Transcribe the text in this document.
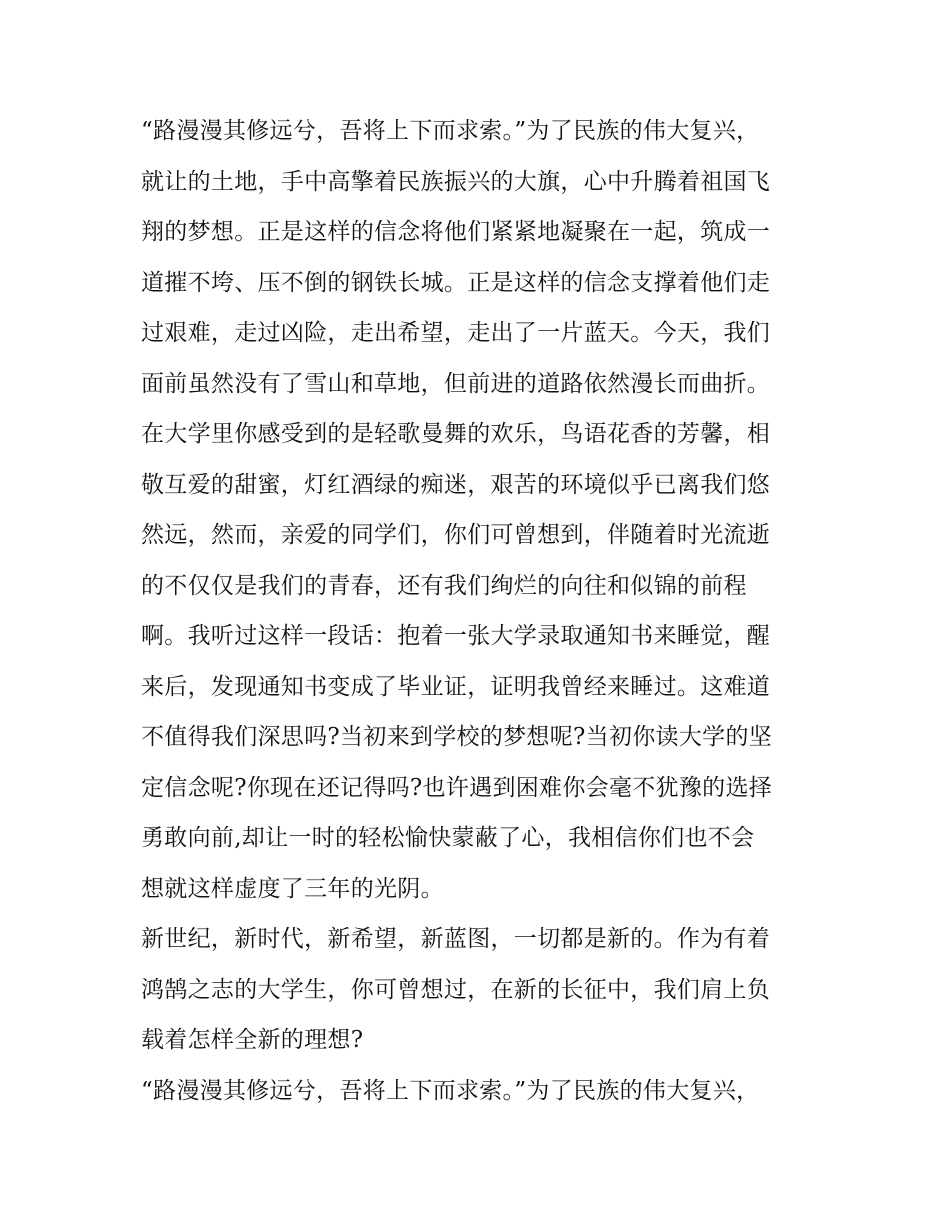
“路漫漫其修远兮，吾将上下而求索。”为了民族的伟大复兴，
就让的土地，手中高擎着民族振兴的大旗，心中升腾着祖国飞
翔的梦想。正是这样的信念将他们紧紧地凝聚在一起，筑成一
道摧不垮、压不倒的钢铁长城。正是这样的信念支撑着他们走
过艰难，走过凶险，走出希望，走出了一片蓝天。今天，我们
面前虽然没有了雪山和草地，但前进的道路依然漫长而曲折。
在大学里你感受到的是轻歌曼舞的欢乐，鸟语花香的芳馨，相
敬互爱的甜蜜，灯红酒绿的痴迷，艰苦的环境似乎已离我们悠
然远，然而，亲爱的同学们，你们可曾想到，伴随着时光流逝
的不仅仅是我们的青春，还有我们绚烂的向往和似锦的前程
啊。我听过这样一段话：抱着一张大学录取通知书来睡觉，醒
来后，发现通知书变成了毕业证，证明我曾经来睡过。这难道
不值得我们深思吗?当初来到学校的梦想呢?当初你读大学的坚
定信念呢?你现在还记得吗?也许遇到困难你会毫不犹豫的选择
勇敢向前,却让一时的轻松愉快蒙蔽了心，我相信你们也不会
想就这样虚度了三年的光阴。
新世纪，新时代，新希望，新蓝图，一切都是新的。作为有着
鸿鹄之志的大学生，你可曾想过，在新的长征中，我们肩上负
载着怎样全新的理想?
“路漫漫其修远兮，吾将上下而求索。”为了民族的伟大复兴，
